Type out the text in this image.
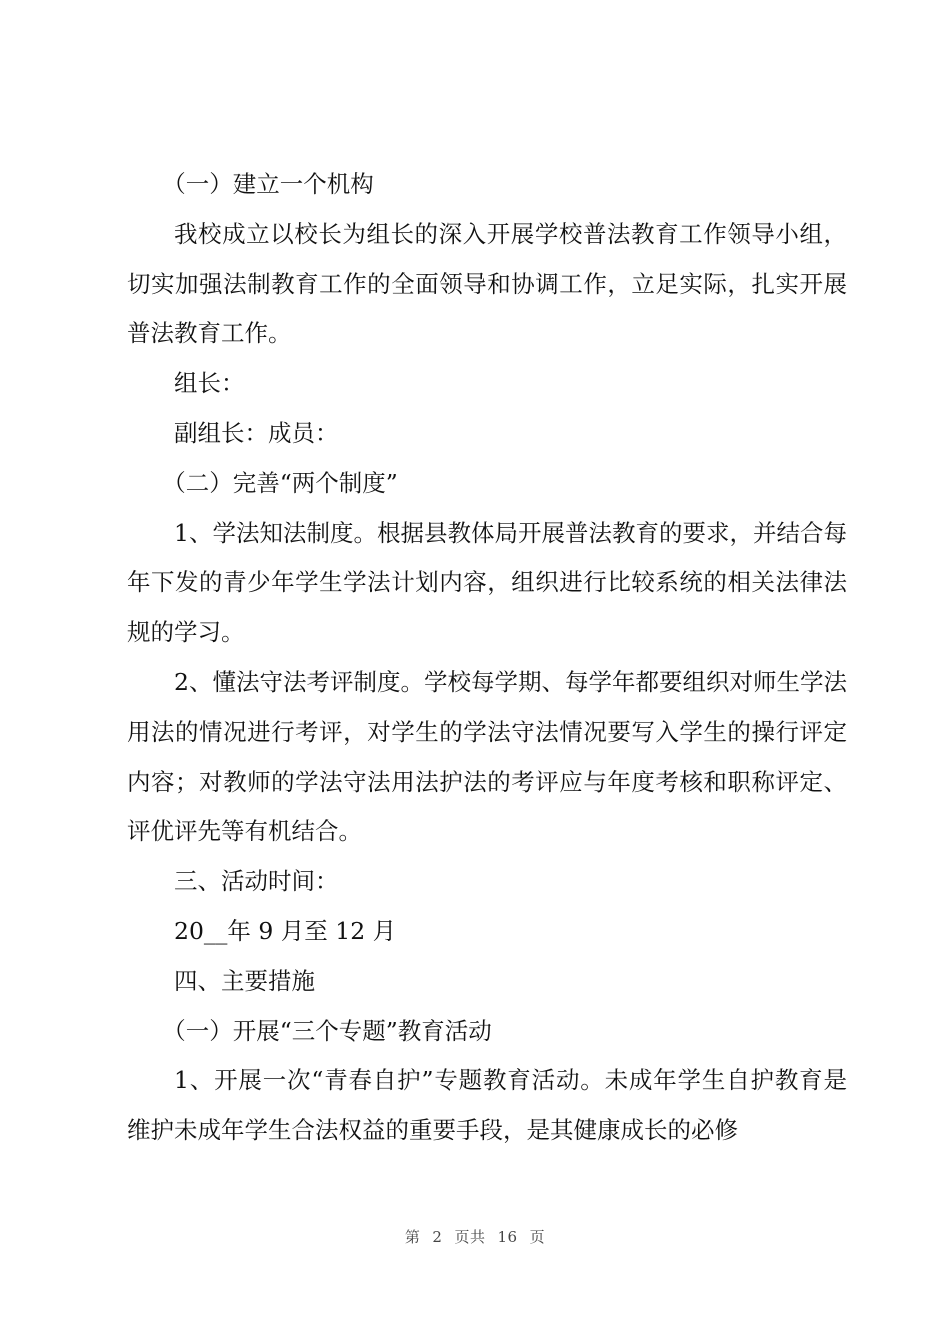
（一）建立一个机构

我校成立以校长为组长的深入开展学校普法教育工作领导小组，切实加强法制教育工作的全面领导和协调工作，立足实际，扎实开展普法教育工作。

组长：

副组长：成员：

（二）完善“两个制度”

1、学法知法制度。根据县教体局开展普法教育的要求，并结合每年下发的青少年学生学法计划内容，组织进行比较系统的相关法律法规的学习。

2、懂法守法考评制度。学校每学期、每学年都要组织对师生学法用法的情况进行考评，对学生的学法守法情况要写入学生的操行评定内容；对教师的学法守法用法护法的考评应与年度考核和职称评定、评优评先等有机结合。

三、活动时间：

20__年 9 月至 12 月

四、主要措施

（一）开展“三个专题”教育活动

1、开展一次“青春自护”专题教育活动。未成年学生自护教育是维护未成年学生合法权益的重要手段，是其健康成长的必修

第 2 页共 16 页
